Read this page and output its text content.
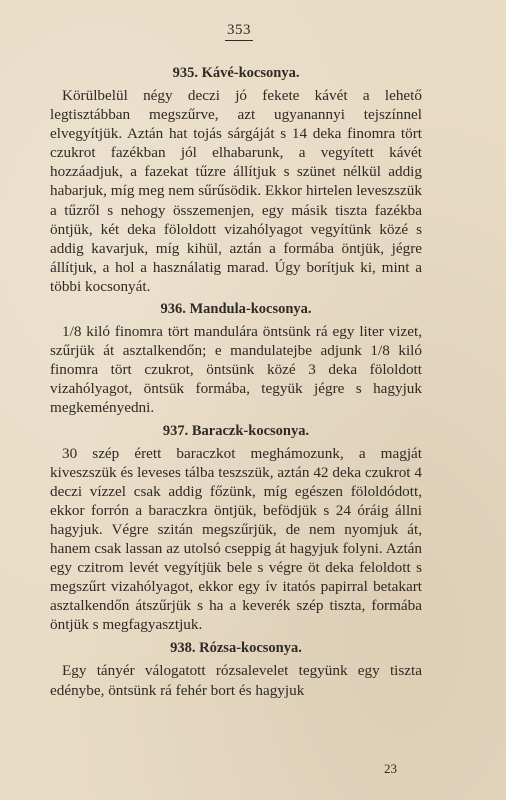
353
935. Kávé-kocsonya.

Körülbelül négy deczi jó fekete kávét a lehető legtisztábban megszűrve, azt ugyanannyi tejszínnel elvegyítjük. Aztán hat tojás sárgáját s 14 deka finomra tört czukrot fazékban jól elhabarunk, a vegyített kávét hozzáadjuk, a fazekat tűzre állítjuk s szünet nélkül addig habarjuk, míg meg nem sűrűsödik. Ekkor hirtelen leveszszük a tűzről s nehogy összemenjen, egy másik tiszta fazékba öntjük, két deka föloldott vizahólyagot vegyítünk közé s addig kavarjuk, míg kihül, aztán a formába öntjük, jégre állítjuk, a hol a használatig marad. Úgy borítjuk ki, mint a többi kocsonyát.

936. Mandula-kocsonya.

1/8 kiló finomra tört mandulára öntsünk rá egy liter vizet, szűrjük át asztalkendőn; e mandulatejbe adjunk 1/8 kiló finomra tört czukrot, öntsünk közé 3 deka föloldott vizahólyagot, öntsük formába, tegyük jégre s hagyjuk megkeményedni.

937. Baraczk-kocsonya.

30 szép érett baraczkot meghámozunk, a magját kiveszszük és leveses tálba teszszük, aztán 42 deka czukrot 4 deczi vízzel csak addig főzünk, míg egészen föloldódott, ekkor forrón a baraczkra öntjük, befödjük s 24 óráig állni hagyjuk. Végre szitán megszűrjük, de nem nyomjuk át, hanem csak lassan az utolsó cseppig át hagyjuk folyni. Aztán egy czitrom levét vegyítjük bele s végre öt deka feloldott s megszűrt vizahólyagot, ekkor egy ív itatós papirral betakart asztalkendőn átszűrjük s ha a keverék szép tiszta, formába öntjük s megfagyasztjuk.

938. Rózsa-kocsonya.

Egy tányér válogatott rózsalevelet tegyünk egy tiszta edénybe, öntsünk rá fehér bort és hagyjuk

23
